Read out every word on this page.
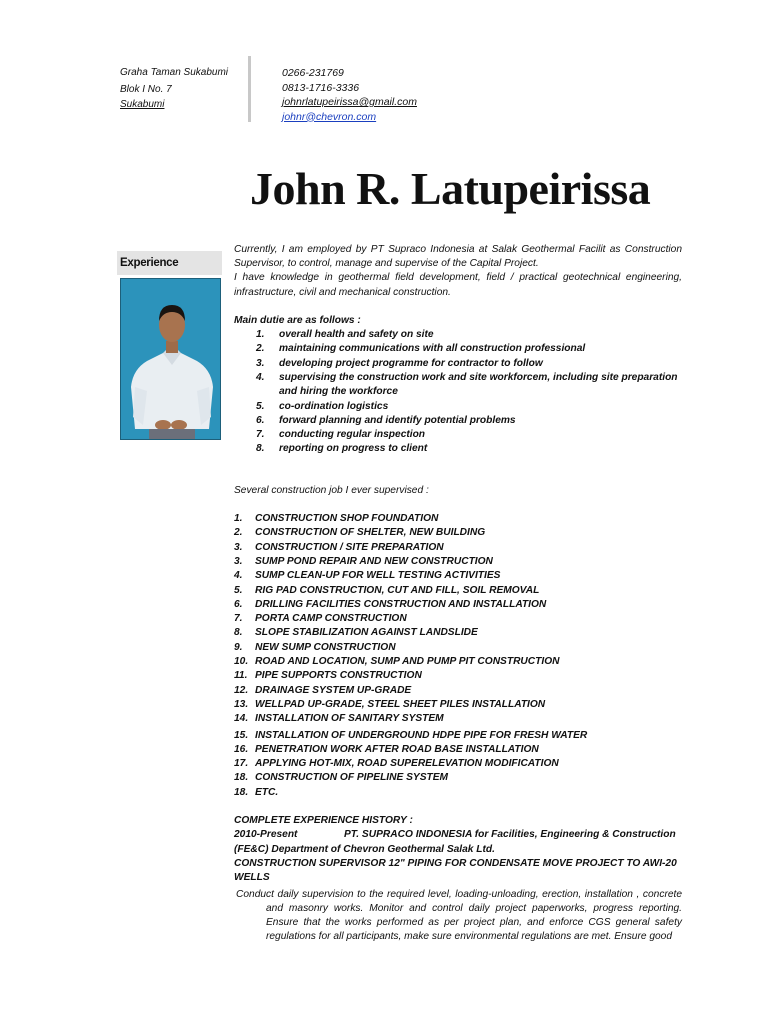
Graha Taman Sukabumi
Blok I No. 7
Sukabumi
0266-231769
0813-1716-3336
johnrlatupeirissa@gmail.com
johnr@chevron.com
John R. Latupeirissa
Experience

Currently, I am employed by PT Supraco Indonesia at Salak Geothermal Facilit as Construction Supervisor, to control, manage and supervise of the Capital Project.

I have knowledge in geothermal field development, field / practical geotechnical engineering, infrastructure, civil and mechanical construction.

Main dutie are as follows :
1. overall health and safety on site
2. maintaining communications with all construction professional
3. developing project programme for contractor to follow
4. supervising the construction work and site workforcem, including site preparation and hiring the workforce
5. co-ordination logistics
6. forward planning and identify potential problems
7. conducting regular inspection
8. reporting on progress to client
Several construction job I ever supervised :
1. CONSTRUCTION SHOP FOUNDATION
2. CONSTRUCTION OF SHELTER, NEW BUILDING
3. CONSTRUCTION / SITE PREPARATION
3. SUMP POND REPAIR AND NEW CONSTRUCTION
4. SUMP CLEAN-UP FOR WELL TESTING ACTIVITIES
5. RIG PAD CONSTRUCTION, CUT AND FILL, SOIL REMOVAL
6. DRILLING FACILITIES CONSTRUCTION AND INSTALLATION
7. PORTA CAMP CONSTRUCTION
8. SLOPE STABILIZATION AGAINST LANDSLIDE
9. NEW SUMP CONSTRUCTION
10. ROAD AND LOCATION, SUMP AND PUMP PIT CONSTRUCTION
11. PIPE SUPPORTS CONSTRUCTION
12. DRAINAGE SYSTEM UP-GRADE
13. WELLPAD UP-GRADE, STEEL SHEET PILES INSTALLATION
14. INSTALLATION OF SANITARY SYSTEM
15. INSTALLATION OF UNDERGROUND HDPE PIPE FOR FRESH WATER
16. PENETRATION WORK AFTER ROAD BASE INSTALLATION
17. APPLYING HOT-MIX, ROAD SUPERELEVATION MODIFICATION
18. CONSTRUCTION OF PIPELINE SYSTEM
18. ETC.
COMPLETE EXPERIENCE HISTORY :
2010-Present	PT. SUPRACO INDONESIA for Facilities, Engineering & Construction
(FE&C) Department of Chevron Geothermal Salak Ltd.
CONSTRUCTION SUPERVISOR 12" PIPING FOR CONDENSATE MOVE PROJECT TO AWI-20 WELLS
Conduct daily supervision to the required level, loading-unloading, erection, installation , concrete and masonry works. Monitor and control daily project paperworks, progress reporting. Ensure that the works performed as per project plan, and enforce CGS general safety regulations for all participants, make sure environmental regulations are met. Ensure good
